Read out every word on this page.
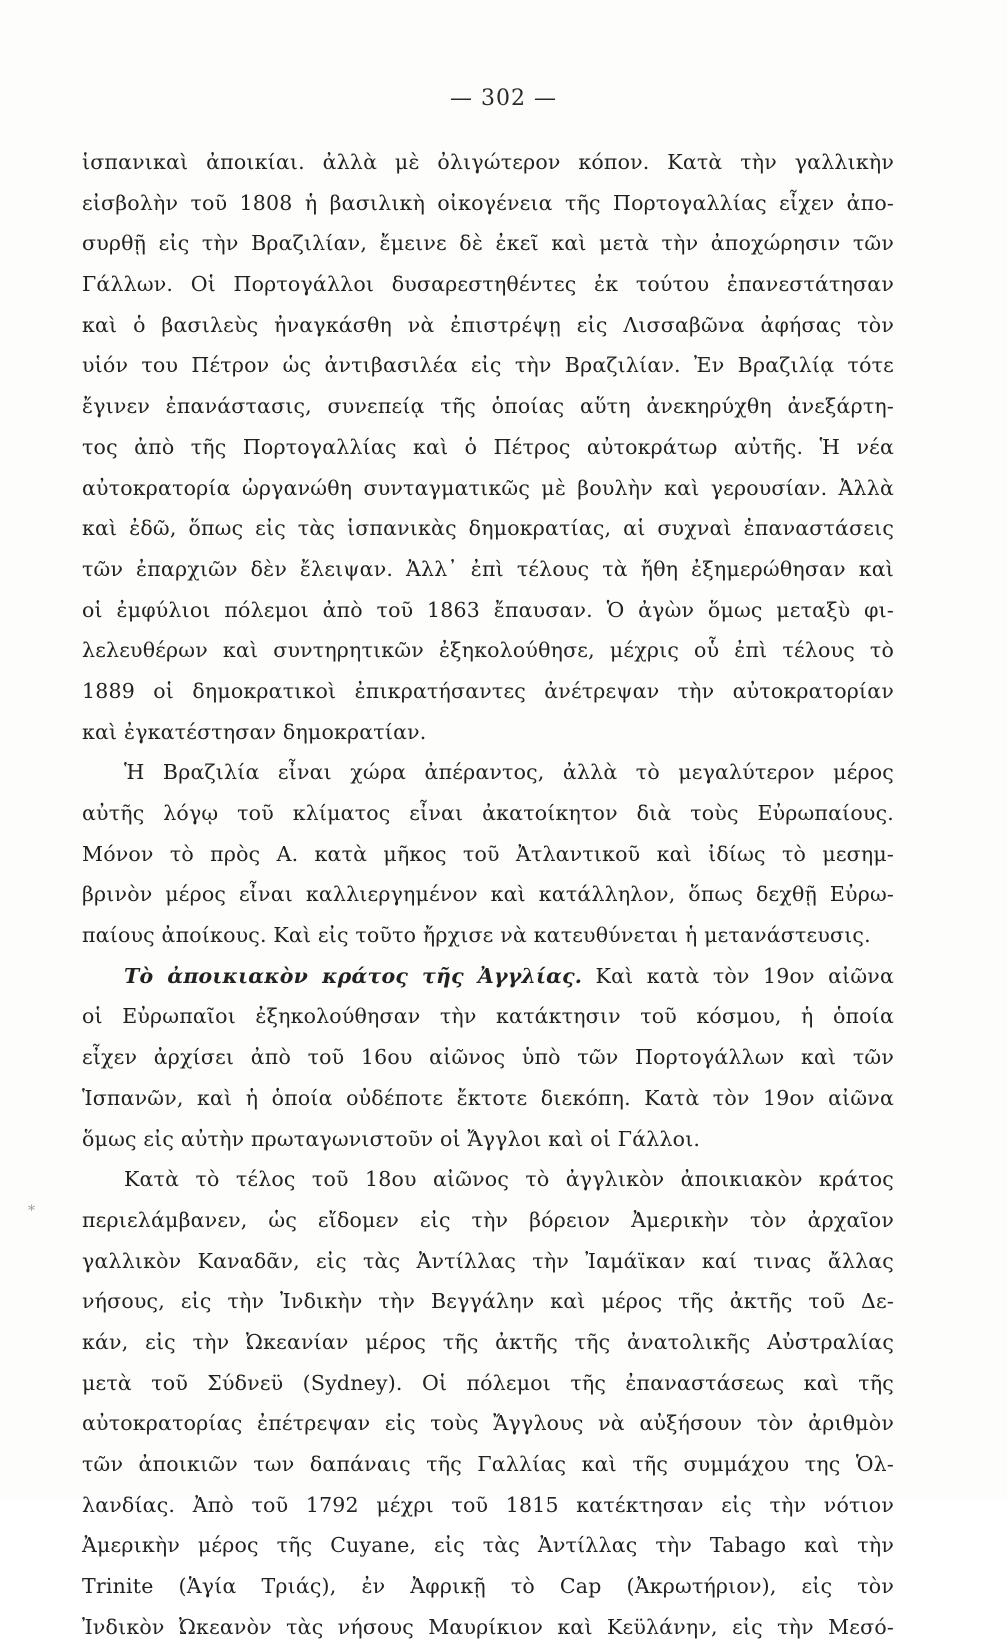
— 302 —
*
ἱσπανικαὶ ἀποικίαι. ἀλλὰ μὲ ὀλιγώτερον κόπον. Κατὰ τὴν γαλλικὴν
εἰσβολὴν τοῦ 1808 ἡ βασιλικὴ οἰκογένεια τῆς Πορτογαλλίας εἶχεν ἀπο-
συρθῇ εἰς τὴν Βραζιλίαν, ἔμεινε δὲ ἐκεῖ καὶ μετὰ τὴν ἀποχώρησιν τῶν
Γάλλων. Οἱ Πορτογάλλοι δυσαρεστηθέντες ἐκ τούτου ἐπανεστάτησαν
καὶ ὁ βασιλεὺς ἠναγκάσθη νὰ ἐπιστρέψῃ εἰς Λισσαβῶνα ἀφήσας τὸν
υἱόν του Πέτρον ὡς ἀντιβασιλέα εἰς τὴν Βραζιλίαν. Ἐν Βραζιλίᾳ τότε
ἔγινεν ἐπανάστασις, συνεπείᾳ τῆς ὁποίας αὕτη ἀνεκηρύχθη ἀνεξάρτη-
τος ἀπὸ τῆς Πορτογαλλίας καὶ ὁ Πέτρος αὐτοκράτωρ αὐτῆς. Ἡ νέα
αὐτοκρατορία ὠργανώθη συνταγματικῶς μὲ βουλὴν καὶ γερουσίαν. Ἀλλὰ
καὶ ἐδῶ, ὅπως εἰς τὰς ἱσπανικὰς δημοκρατίας, αἱ συχναὶ ἐπαναστάσεις
τῶν ἐπαρχιῶν δὲν ἔλειψαν. Ἀλλ᾽ ἐπὶ τέλους τὰ ἤθη ἐξημερώθησαν καὶ
οἱ ἐμφύλιοι πόλεμοι ἀπὸ τοῦ 1863 ἔπαυσαν. Ὁ ἀγὼν ὅμως μεταξὺ φι-
λελευθέρων καὶ συντηρητικῶν ἐξηκολούθησε, μέχρις οὗ ἐπὶ τέλους τὸ
1889 οἱ δημοκρατικοὶ ἐπικρατήσαντες ἀνέτρεψαν τὴν αὐτοκρατορίαν
καὶ ἐγκατέστησαν δημοκρατίαν.
Ἡ Βραζιλία εἶναι χώρα ἀπέραντος, ἀλλὰ τὸ μεγαλύτερον μέρος
αὐτῆς λόγῳ τοῦ κλίματος εἶναι ἀκατοίκητον διὰ τοὺς Εὐρωπαίους.
Μόνον τὸ πρὸς Α. κατὰ μῆκος τοῦ Ἀτλαντικοῦ καὶ ἰδίως τὸ μεσημ-
βρινὸν μέρος εἶναι καλλιεργημένον καὶ κατάλληλον, ὅπως δεχθῇ Εὐρω-
παίους ἀποίκους. Καὶ εἰς τοῦτο ἤρχισε νὰ κατευθύνεται ἡ μετανάστευσις.
Τὸ ἀποικιακὸν κράτος τῆς Ἀγγλίας. Καὶ κατὰ τὸν 19ον αἰῶνα
οἱ Εὐρωπαῖοι ἐξηκολούθησαν τὴν κατάκτησιν τοῦ κόσμου, ἡ ὁποία
εἶχεν ἀρχίσει ἀπὸ τοῦ 16ου αἰῶνος ὑπὸ τῶν Πορτογάλλων καὶ τῶν
Ἱσπανῶν, καὶ ἡ ὁποία οὐδέποτε ἔκτοτε διεκόπη. Κατὰ τὸν 19ον αἰῶνα
ὅμως εἰς αὐτὴν πρωταγωνιστοῦν οἱ Ἄγγλοι καὶ οἱ Γάλλοι.
Κατὰ τὸ τέλος τοῦ 18ου αἰῶνος τὸ ἀγγλικὸν ἀποικιακὸν κράτος
περιελάμβανεν, ὡς εἴδομεν εἰς τὴν βόρειον Ἀμερικὴν τὸν ἀρχαῖον
γαλλικὸν Καναδᾶν, εἰς τὰς Ἀντίλλας τὴν Ἰαμάϊκαν καί τινας ἄλλας
νήσους, εἰς τὴν Ἰνδικὴν τὴν Βεγγάλην καὶ μέρος τῆς ἀκτῆς τοῦ Δε-
κάν, εἰς τὴν Ὠκεανίαν μέρος τῆς ἀκτῆς τῆς ἀνατολικῆς Αὐστραλίας
μετὰ τοῦ Σύδνεϋ (Sydney). Οἱ πόλεμοι τῆς ἐπαναστάσεως καὶ τῆς
αὐτοκρατορίας ἐπέτρεψαν εἰς τοὺς Ἄγγλους νὰ αὐξήσουν τὸν ἀριθμὸν
τῶν ἀποικιῶν των δαπάναις τῆς Γαλλίας καὶ τῆς συμμάχου της Ὁλ-
λανδίας. Ἀπὸ τοῦ 1792 μέχρι τοῦ 1815 κατέκτησαν εἰς τὴν νότιον
Ἀμερικὴν μέρος τῆς Cuyane, εἰς τὰς Ἀντίλλας τὴν Tabago καὶ τὴν
Trinite (Ἁγία Τριάς), ἐν Ἀφρικῇ τὸ Cap (Ἀκρωτήριον), εἰς τὸν
Ἰνδικὸν Ὠκεανὸν τὰς νήσους Μαυρίκιον καὶ Κεϋλάνην, εἰς τὴν Μεσό-
